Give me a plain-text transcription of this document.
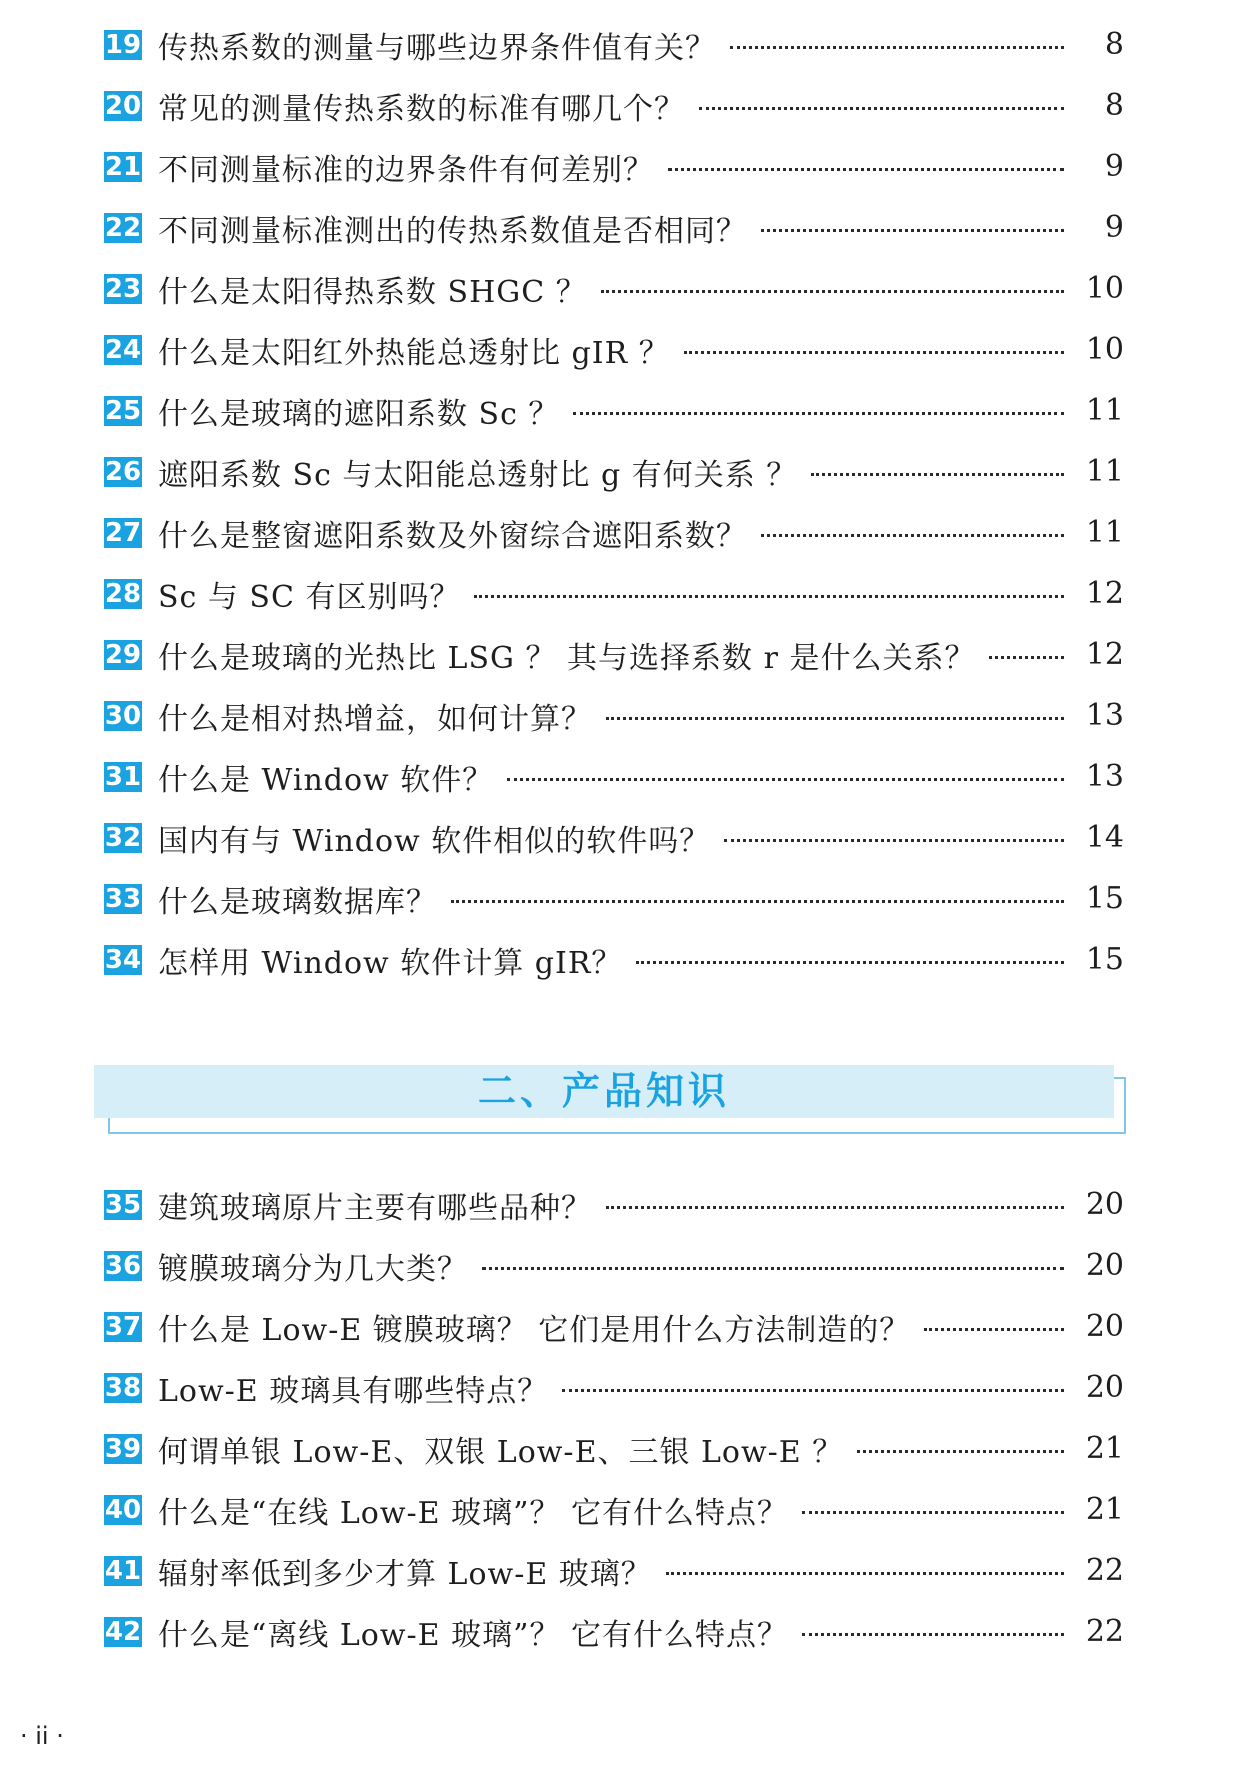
19 传热系数的测量与哪些边界条件值有关？	8
20 常见的测量传热系数的标准有哪几个？	8
21 不同测量标准的边界条件有何差别？	9
22 不同测量标准测出的传热系数值是否相同？	9
23 什么是太阳得热系数 SHGC ？	10
24 什么是太阳红外热能总透射比 gIR ？	10
25 什么是玻璃的遮阳系数 Sc ？	11
26 遮阳系数 Sc 与太阳能总透射比 g 有何关系 ？	11
27 什么是整窗遮阳系数及外窗综合遮阳系数？	11
28 Sc 与 SC 有区别吗？	12
29 什么是玻璃的光热比 LSG ？ 其与选择系数 r 是什么关系？	12
30 什么是相对热增益，如何计算？	13
31 什么是 Window 软件？	13
32 国内有与 Window 软件相似的软件吗？	14
33 什么是玻璃数据库？	15
34 怎样用 Window 软件计算 gIR？	15
二、产品知识
35 建筑玻璃原片主要有哪些品种？	20
36 镀膜玻璃分为几大类？	20
37 什么是 Low-E 镀膜玻璃？ 它们是用什么方法制造的？	20
38 Low-E 玻璃具有哪些特点？	20
39 何谓单银 Low-E、双银 Low-E、三银 Low-E ？	21
40 什么是“在线 Low-E 玻璃”？ 它有什么特点？	21
41 辐射率低到多少才算 Low-E 玻璃？	22
42 什么是“离线 Low-E 玻璃”？ 它有什么特点？	22
· ii ·
